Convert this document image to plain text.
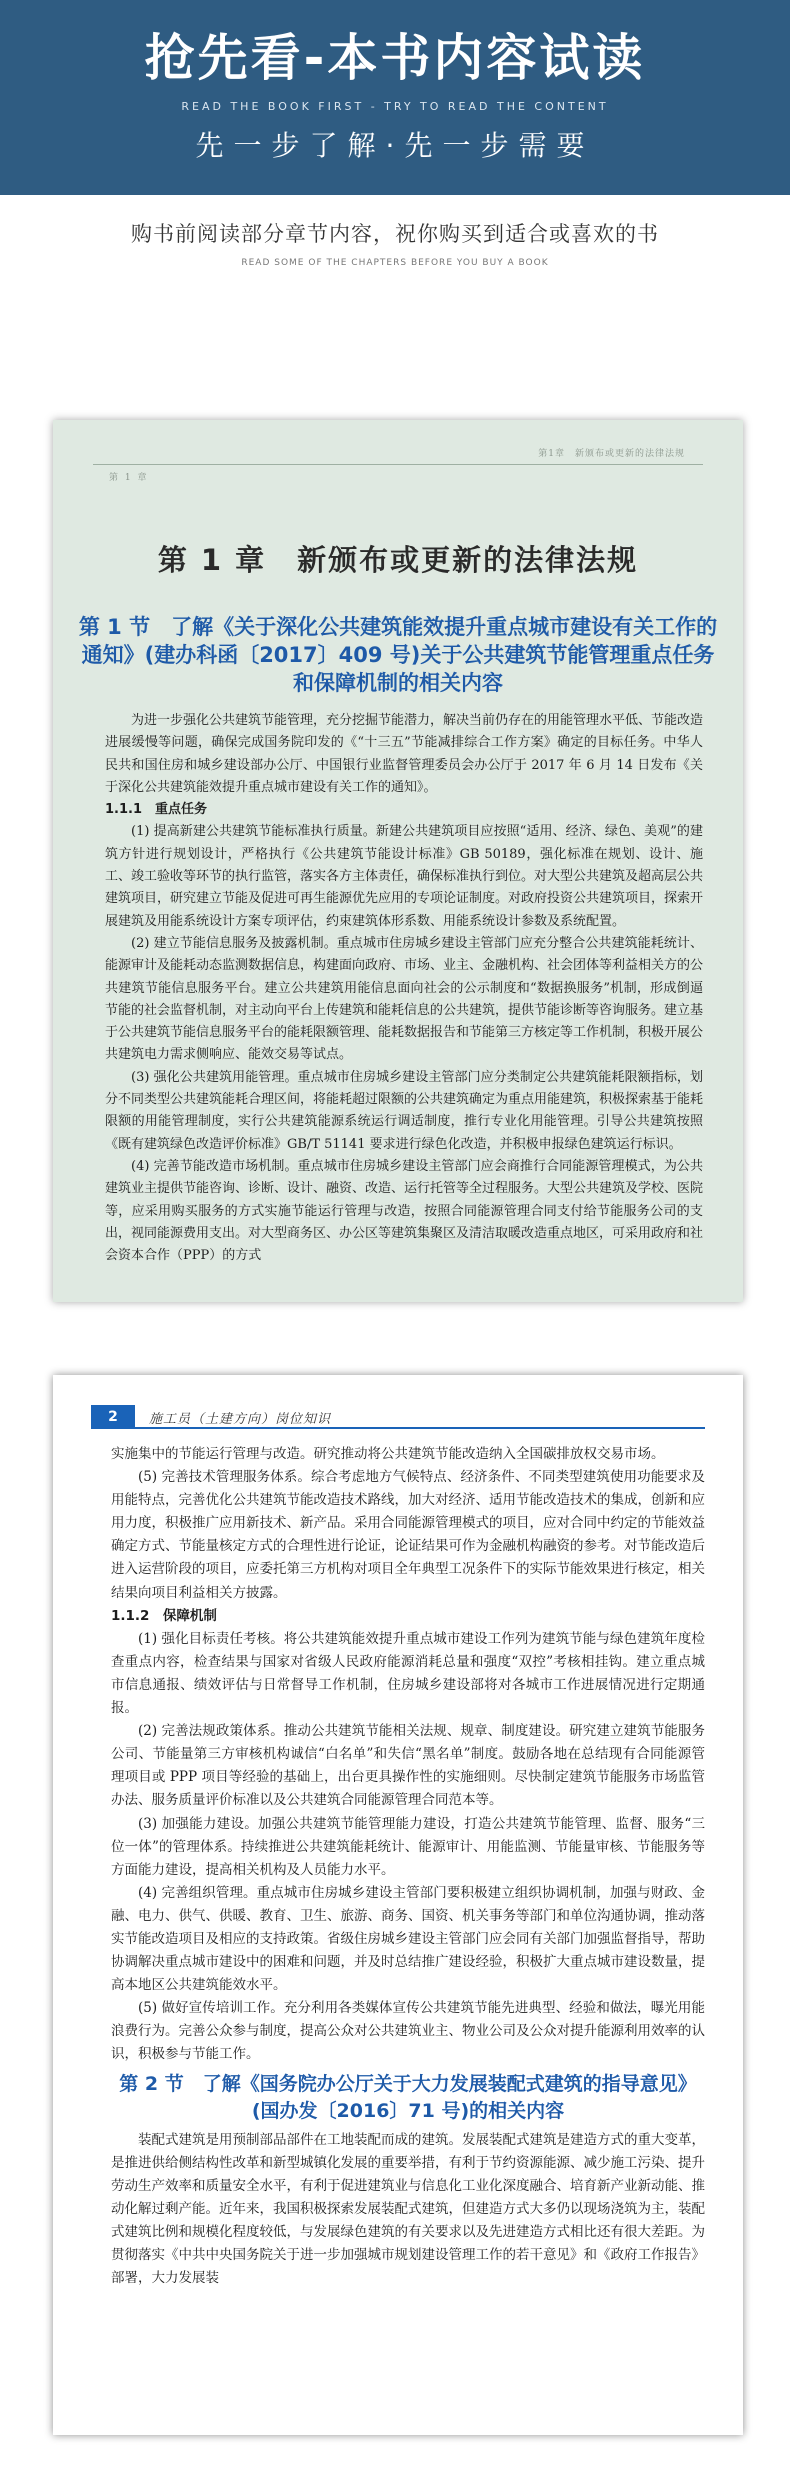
抢先看-本书内容试读
READ THE BOOK FIRST - TRY TO READ THE CONTENT
先一步了解·先一步需要
购书前阅读部分章节内容，祝你购买到适合或喜欢的书
READ SOME OF THE CHAPTERS BEFORE YOU BUY A BOOK
第1章　新颁布或更新的法律法规
第 1 章
第 1 章　新颁布或更新的法律法规
第 1 节　了解《关于深化公共建筑能效提升重点城市建设有关工作的通知》(建办科函〔2017〕409 号)关于公共建筑节能管理重点任务和保障机制的相关内容

为进一步强化公共建筑节能管理，充分挖掘节能潜力，解决当前仍存在的用能管理水平低、节能改造进展缓慢等问题，确保完成国务院印发的《“十三五”节能减排综合工作方案》确定的目标任务。中华人民共和国住房和城乡建设部办公厅、中国银行业监督管理委员会办公厅于 2017 年 6 月 14 日发布《关于深化公共建筑能效提升重点城市建设有关工作的通知》。

1.1.1　重点任务

(1) 提高新建公共建筑节能标准执行质量。新建公共建筑项目应按照“适用、经济、绿色、美观”的建筑方针进行规划设计，严格执行《公共建筑节能设计标准》GB 50189，强化标准在规划、设计、施工、竣工验收等环节的执行监管，落实各方主体责任，确保标准执行到位。对大型公共建筑及超高层公共建筑项目，研究建立节能及促进可再生能源优先应用的专项论证制度。对政府投资公共建筑项目，探索开展建筑及用能系统设计方案专项评估，约束建筑体形系数、用能系统设计参数及系统配置。

(2) 建立节能信息服务及披露机制。重点城市住房城乡建设主管部门应充分整合公共建筑能耗统计、能源审计及能耗动态监测数据信息，构建面向政府、市场、业主、金融机构、社会团体等利益相关方的公共建筑节能信息服务平台。建立公共建筑用能信息面向社会的公示制度和“数据换服务”机制，形成倒逼节能的社会监督机制，对主动向平台上传建筑和能耗信息的公共建筑，提供节能诊断等咨询服务。建立基于公共建筑节能信息服务平台的能耗限额管理、能耗数据报告和节能第三方核定等工作机制，积极开展公共建筑电力需求侧响应、能效交易等试点。

(3) 强化公共建筑用能管理。重点城市住房城乡建设主管部门应分类制定公共建筑能耗限额指标，划分不同类型公共建筑能耗合理区间，将能耗超过限额的公共建筑确定为重点用能建筑，积极探索基于能耗限额的用能管理制度，实行公共建筑能源系统运行调适制度，推行专业化用能管理。引导公共建筑按照《既有建筑绿色改造评价标准》GB/T 51141 要求进行绿色化改造，并积极申报绿色建筑运行标识。

(4) 完善节能改造市场机制。重点城市住房城乡建设主管部门应会商推行合同能源管理模式，为公共建筑业主提供节能咨询、诊断、设计、融资、改造、运行托管等全过程服务。大型公共建筑及学校、医院等，应采用购买服务的方式实施节能运行管理与改造，按照合同能源管理合同支付给节能服务公司的支出，视同能源费用支出。对大型商务区、办公区等建筑集聚区及清洁取暖改造重点地区，可采用政府和社会资本合作（PPP）的方式

2	施工员（土建方向）岗位知识

实施集中的节能运行管理与改造。研究推动将公共建筑节能改造纳入全国碳排放权交易市场。

(5) 完善技术管理服务体系。综合考虑地方气候特点、经济条件、不同类型建筑使用功能要求及用能特点，完善优化公共建筑节能改造技术路线，加大对经济、适用节能改造技术的集成，创新和应用力度，积极推广应用新技术、新产品。采用合同能源管理模式的项目，应对合同中约定的节能效益确定方式、节能量核定方式的合理性进行论证，论证结果可作为金融机构融资的参考。对节能改造后进入运营阶段的项目，应委托第三方机构对项目全年典型工况条件下的实际节能效果进行核定，相关结果向项目利益相关方披露。

1.1.2　保障机制

(1) 强化目标责任考核。将公共建筑能效提升重点城市建设工作列为建筑节能与绿色建筑年度检查重点内容，检查结果与国家对省级人民政府能源消耗总量和强度“双控”考核相挂钩。建立重点城市信息通报、绩效评估与日常督导工作机制，住房城乡建设部将对各城市工作进展情况进行定期通报。

(2) 完善法规政策体系。推动公共建筑节能相关法规、规章、制度建设。研究建立建筑节能服务公司、节能量第三方审核机构诚信“白名单”和失信“黑名单”制度。鼓励各地在总结现有合同能源管理项目或 PPP 项目等经验的基础上，出台更具操作性的实施细则。尽快制定建筑节能服务市场监管办法、服务质量评价标准以及公共建筑合同能源管理合同范本等。

(3) 加强能力建设。加强公共建筑节能管理能力建设，打造公共建筑节能管理、监督、服务“三位一体”的管理体系。持续推进公共建筑能耗统计、能源审计、用能监测、节能量审核、节能服务等方面能力建设，提高相关机构及人员能力水平。

(4) 完善组织管理。重点城市住房城乡建设主管部门要积极建立组织协调机制，加强与财政、金融、电力、供气、供暖、教育、卫生、旅游、商务、国资、机关事务等部门和单位沟通协调，推动落实节能改造项目及相应的支持政策。省级住房城乡建设主管部门应会同有关部门加强监督指导，帮助协调解决重点城市建设中的困难和问题，并及时总结推广建设经验，积极扩大重点城市建设数量，提高本地区公共建筑能效水平。

(5) 做好宣传培训工作。充分利用各类媒体宣传公共建筑节能先进典型、经验和做法，曝光用能浪费行为。完善公众参与制度，提高公众对公共建筑业主、物业公司及公众对提升能源利用效率的认识，积极参与节能工作。

第 2 节　了解《国务院办公厅关于大力发展装配式建筑的指导意见》(国办发〔2016〕71 号)的相关内容

装配式建筑是用预制部品部件在工地装配而成的建筑。发展装配式建筑是建造方式的重大变革，是推进供给侧结构性改革和新型城镇化发展的重要举措，有利于节约资源能源、减少施工污染、提升劳动生产效率和质量安全水平，有利于促进建筑业与信息化工业化深度融合、培育新产业新动能、推动化解过剩产能。近年来，我国积极探索发展装配式建筑，但建造方式大多仍以现场浇筑为主，装配式建筑比例和规模化程度较低，与发展绿色建筑的有关要求以及先进建造方式相比还有很大差距。为贯彻落实《中共中央国务院关于进一步加强城市规划建设管理工作的若干意见》和《政府工作报告》部署，大力发展装
